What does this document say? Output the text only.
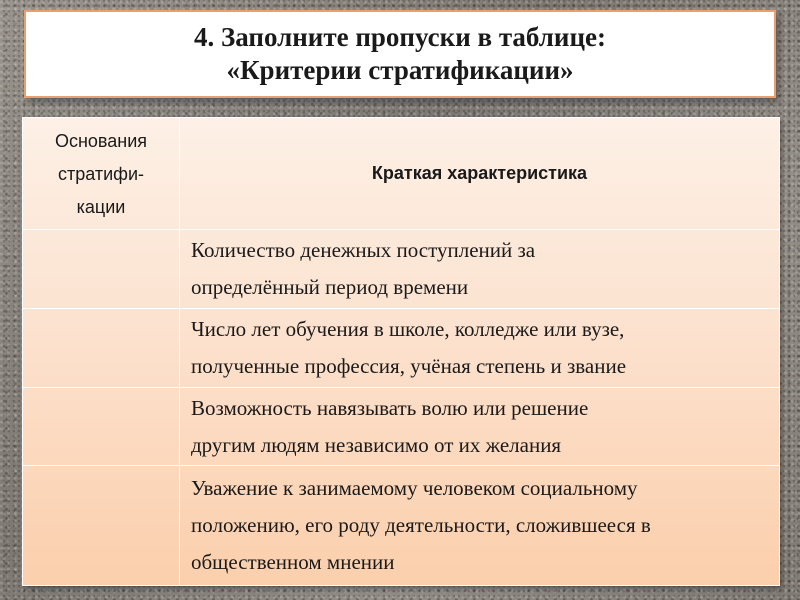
4. Заполните пропуски в таблице:
«Критерии стратификации»
Основания
стратифи-
кации	Краткая характеристика

	Количество денежных поступлений за
определённый период времени

	Число лет обучения в школе, колледже или вузе,
полученные профессия, учёная степень и звание

	Возможность навязывать волю или решение
другим людям независимо от их желания

	Уважение к занимаемому человеком социальному
положению, его роду деятельности, сложившееся в
общественном мнении
